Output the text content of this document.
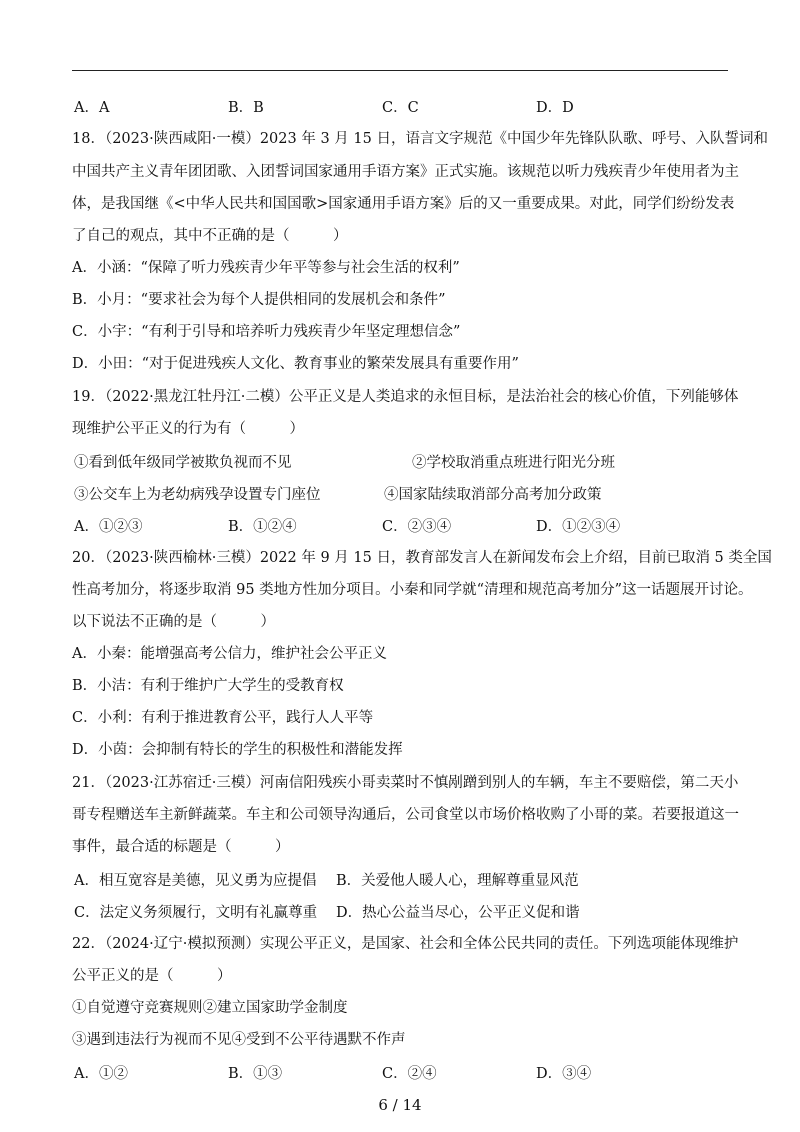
A．A	B．B	C．C	D．D
18．（2023·陕西咸阳·一模）2023 年 3 月 15 日，语言文字规范《中国少年先锋队队歌、呼号、入队誓词和
中国共产主义青年团团歌、入团誓词国家通用手语方案》正式实施。该规范以听力残疾青少年使用者为主
体，是我国继《<中华人民共和国国歌>国家通用手语方案》后的又一重要成果。对此，同学们纷纷发表
了自己的观点，其中不正确的是（　　　）
A．小涵：“保障了听力残疾青少年平等参与社会生活的权利”
B．小月：“要求社会为每个人提供相同的发展机会和条件”
C．小宇：“有利于引导和培养听力残疾青少年坚定理想信念”
D．小田：“对于促进残疾人文化、教育事业的繁荣发展具有重要作用”
19．（2022·黑龙江牡丹江·二模）公平正义是人类追求的永恒目标，是法治社会的核心价值，下列能够体
现维护公平正义的行为有（　　　）
①看到低年级同学被欺负视而不见	②学校取消重点班进行阳光分班
③公交车上为老幼病残孕设置专门座位	④国家陆续取消部分高考加分政策
A．①②③	B．①②④	C．②③④	D．①②③④
20．（2023·陕西榆林·三模）2022 年 9 月 15 日，教育部发言人在新闻发布会上介绍，目前已取消 5 类全国
性高考加分，将逐步取消 95 类地方性加分项目。小秦和同学就“清理和规范高考加分”这一话题展开讨论。
以下说法不正确的是（　　　）
A．小秦：能增强高考公信力，维护社会公平正义
B．小洁：有利于维护广大学生的受教育权
C．小利：有利于推进教育公平，践行人人平等
D．小茵：会抑制有特长的学生的积极性和潜能发挥
21．（2023·江苏宿迁·三模）河南信阳残疾小哥卖菜时不慎剐蹭到别人的车辆，车主不要赔偿，第二天小
哥专程赠送车主新鲜蔬菜。车主和公司领导沟通后，公司食堂以市场价格收购了小哥的菜。若要报道这一
事件，最合适的标题是（　　　）
A．相互宽容是美德，见义勇为应提倡 B．关爱他人暖人心，理解尊重显风范
C．法定义务须履行，文明有礼赢尊重 D．热心公益当尽心，公平正义促和谐
22．（2024·辽宁·模拟预测）实现公平正义，是国家、社会和全体公民共同的责任。下列选项能体现维护
公平正义的是（　　　）
①自觉遵守竞赛规则②建立国家助学金制度
③遇到违法行为视而不见④受到不公平待遇默不作声
A．①②	B．①③	C．②④	D．③④
6 / 14
